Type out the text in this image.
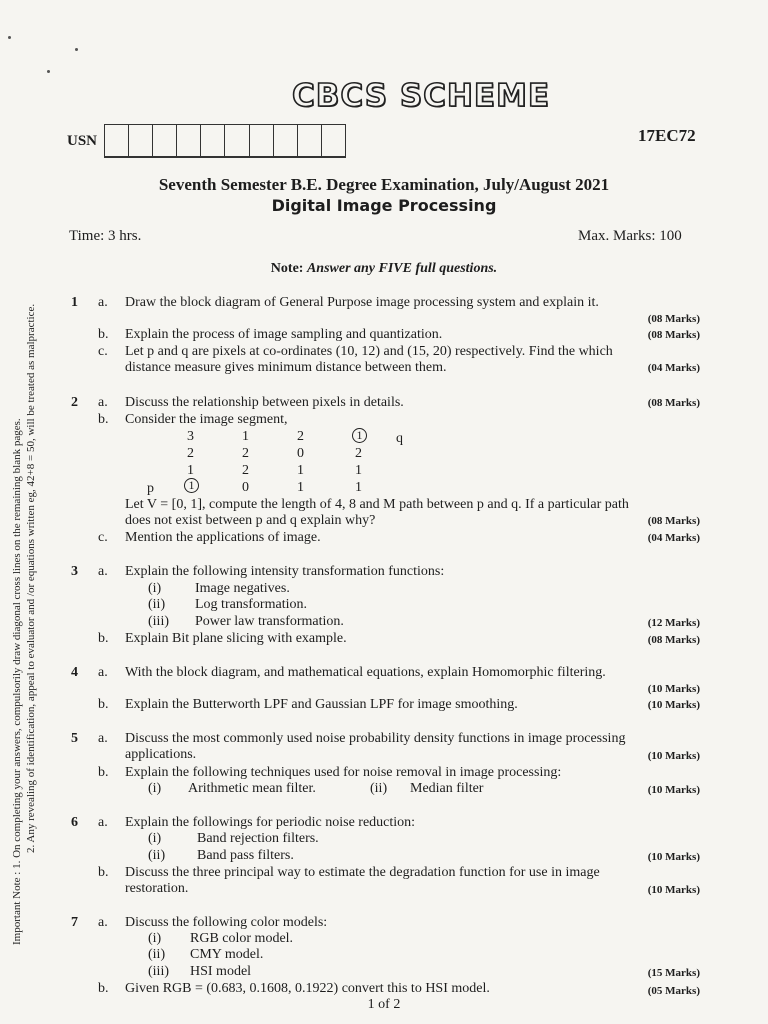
CBCS SCHEME
USN	17EC72
Seventh Semester B.E. Degree Examination, July/August 2021
Digital Image Processing
Time: 3 hrs.	Max. Marks: 100
Note: Answer any FIVE full questions.
Important Note : 1. On completing your answers, compulsorily draw diagonal cross lines on the remaining blank pages. 2. Any revealing of identification, appeal to evaluator and /or equations written eg, 42+8 = 50, will be treated as malpractice.
1 a. Draw the block diagram of General Purpose image processing system and explain it.
(08 Marks)
b. Explain the process of image sampling and quantization.	(08 Marks)
c. Let p and q are pixels at co-ordinates (10, 12) and (15, 20) respectively. Find the which
distance measure gives minimum distance between them.	(04 Marks)
2 a. Discuss the relationship between pixels in details.	(08 Marks)
b. Consider the image segment,
3	1	2	1	q
2	2	0	2
1	2	1	1
p	1	0	1	1
Let V = [0, 1], compute the length of 4, 8 and M path between p and q. If a particular path
does not exist between p and q explain why?	(08 Marks)
c. Mention the applications of image.	(04 Marks)
3 a. Explain the following intensity transformation functions:
(i) Image negatives.
(ii) Log transformation.
(iii) Power law transformation.	(12 Marks)
b. Explain Bit plane slicing with example.	(08 Marks)
4 a. With the block diagram, and mathematical equations, explain Homomorphic filtering.
(10 Marks)
b. Explain the Butterworth LPF and Gaussian LPF for image smoothing.	(10 Marks)
5 a. Discuss the most commonly used noise probability density functions in image processing
applications.	(10 Marks)
b. Explain the following techniques used for noise removal in image processing:
(i) Arithmetic mean filter.	(ii) Median filter	(10 Marks)
6 a. Explain the followings for periodic noise reduction:
(i)	Band rejection filters.
(ii) Band pass filters.	(10 Marks)
b. Discuss the three principal way to estimate the degradation function for use in image
restoration.	(10 Marks)
7 a. Discuss the following color models:
(i) RGB color model.
(ii) CMY model.
(iii) HSI model	(15 Marks)
b. Given RGB = (0.683, 0.1608, 0.1922) convert this to HSI model.	(05 Marks)
1 of 2
